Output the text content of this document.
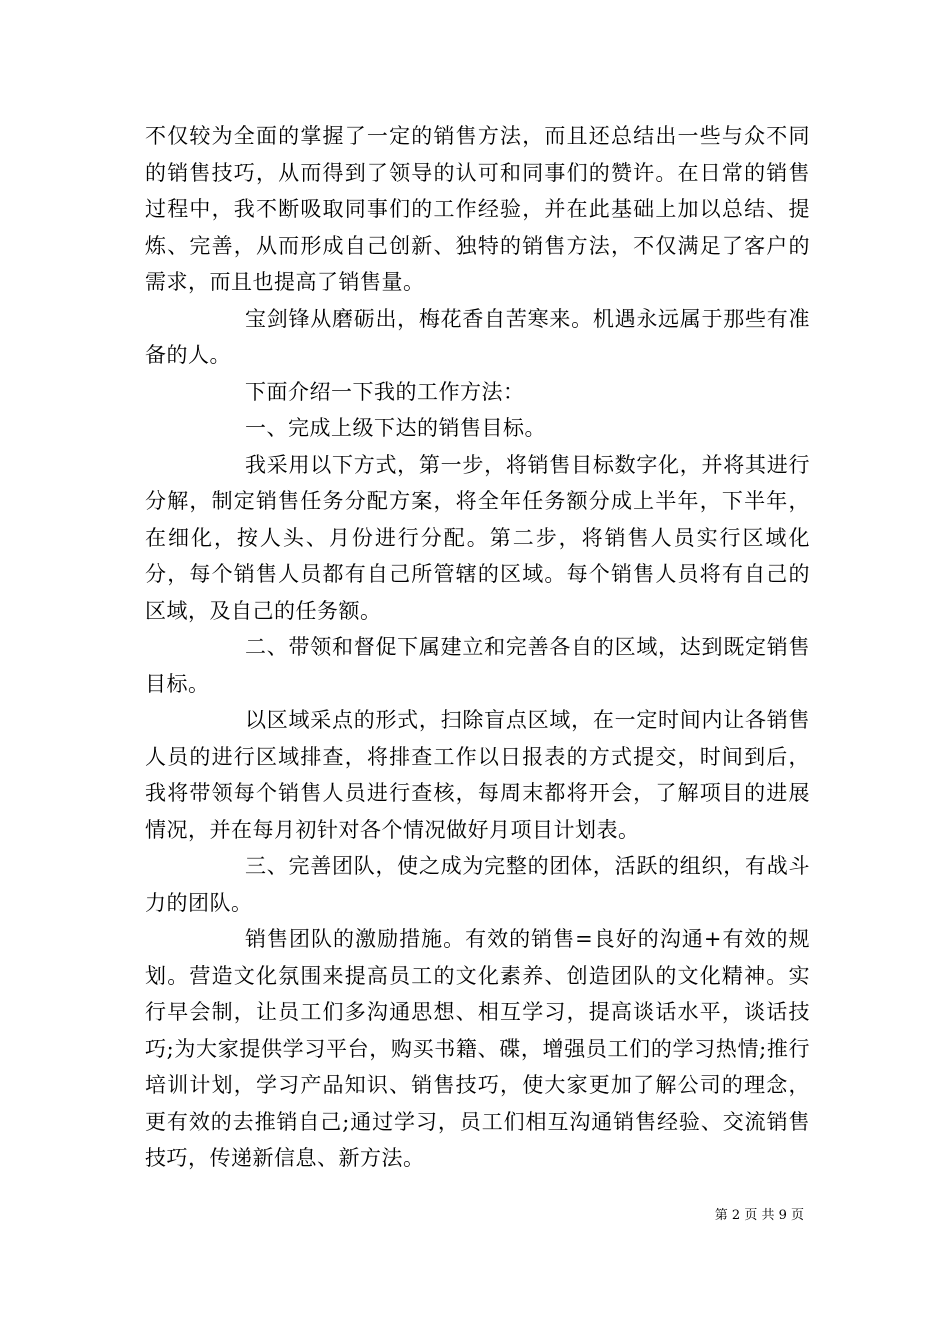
不仅较为全面的掌握了一定的销售方法，而且还总结出一些与众不同的销售技巧，从而得到了领导的认可和同事们的赞许。在日常的销售过程中，我不断吸取同事们的工作经验，并在此基础上加以总结、提炼、完善，从而形成自己创新、独特的销售方法，不仅满足了客户的需求，而且也提高了销售量。

宝剑锋从磨砺出，梅花香自苦寒来。机遇永远属于那些有准备的人。

下面介绍一下我的工作方法：

一、完成上级下达的销售目标。

我采用以下方式，第一步，将销售目标数字化，并将其进行分解，制定销售任务分配方案，将全年任务额分成上半年，下半年，在细化，按人头、月份进行分配。第二步，将销售人员实行区域化分，每个销售人员都有自己所管辖的区域。每个销售人员将有自己的区域，及自己的任务额。

二、带领和督促下属建立和完善各自的区域，达到既定销售目标。

以区域采点的形式，扫除盲点区域，在一定时间内让各销售人员的进行区域排查，将排查工作以日报表的方式提交，时间到后，我将带领每个销售人员进行查核，每周末都将开会，了解项目的进展情况，并在每月初针对各个情况做好月项目计划表。

三、完善团队，使之成为完整的团体，活跃的组织，有战斗力的团队。

销售团队的激励措施。有效的销售=良好的沟通+有效的规划。营造文化氛围来提高员工的文化素养、创造团队的文化精神。实行早会制，让员工们多沟通思想、相互学习，提高谈话水平，谈话技巧;为大家提供学习平台，购买书籍、碟，增强员工们的学习热情;推行培训计划，学习产品知识、销售技巧，使大家更加了解公司的理念，更有效的去推销自己;通过学习，员工们相互沟通销售经验、交流销售技巧，传递新信息、新方法。

第 2 页 共 9 页
